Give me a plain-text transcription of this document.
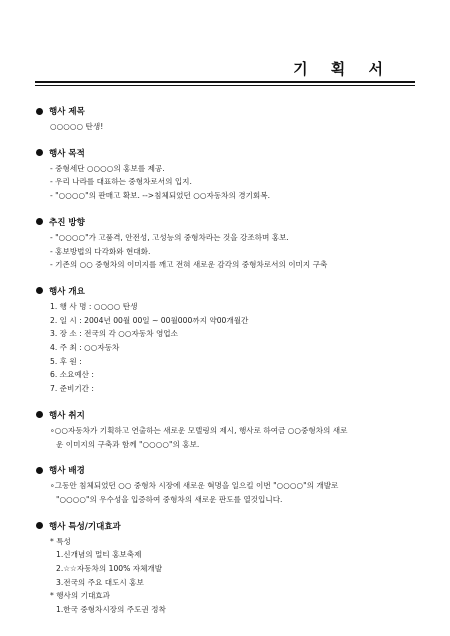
기 획 서
행사 제목
○○○○○ 탄생!
행사 목적
- 중형세단 ○○○○의 홍보를 제공.
- 우리 나라를 대표하는 중형차로서의 입지.
- "○○○○"의 판매고 확보. -->침체되었던 ○○자동차의 경기회복.
추진 방향
- "○○○○"가 고품격, 안전성, 고성능의 중형차라는 것을 강조하며 홍보.
- 홍보방법의 다각화와 현대화.
- 기존의 ○○ 중형차의 이미지를 깨고 전혀 새로운 감각의 중형차로서의 이미지 구축
행사 개요
1. 행 사 명 : ○○○○ 탄생
2. 일 시 : 2004년 00월 00일 ~ 00월000까지 약00개월간
3. 장 소 : 전국의 각 ○○자동차 영업소
4. 주 최 : ○○자동차
5. 후 원 :
6. 소요예산 :
7. 준비기간 :
행사 취지
∘○○자동차가 기획하고 연출하는 새로운 모델링의 제시, 행사로 하여금 ○○중형차의 새로
운 이미지의 구축과 함께 "○○○○"의 홍보.
행사 배경
∘그동안 침체되었던 ○○ 중형차 시장에 새로운 혁명을 일으킬 이번 "○○○○"의 개발로
"○○○○"의 우수성을 입증하여 중형차의 새로운 판도를 열것입니다.
행사 특성/기대효과
* 특성
1.신개념의 멀티 홍보축제
2.☆☆자동차의 100% 자체개발
3.전국의 주요 대도시 홍보
* 행사의 기대효과
1.한국 중형차시장의 주도권 정착
